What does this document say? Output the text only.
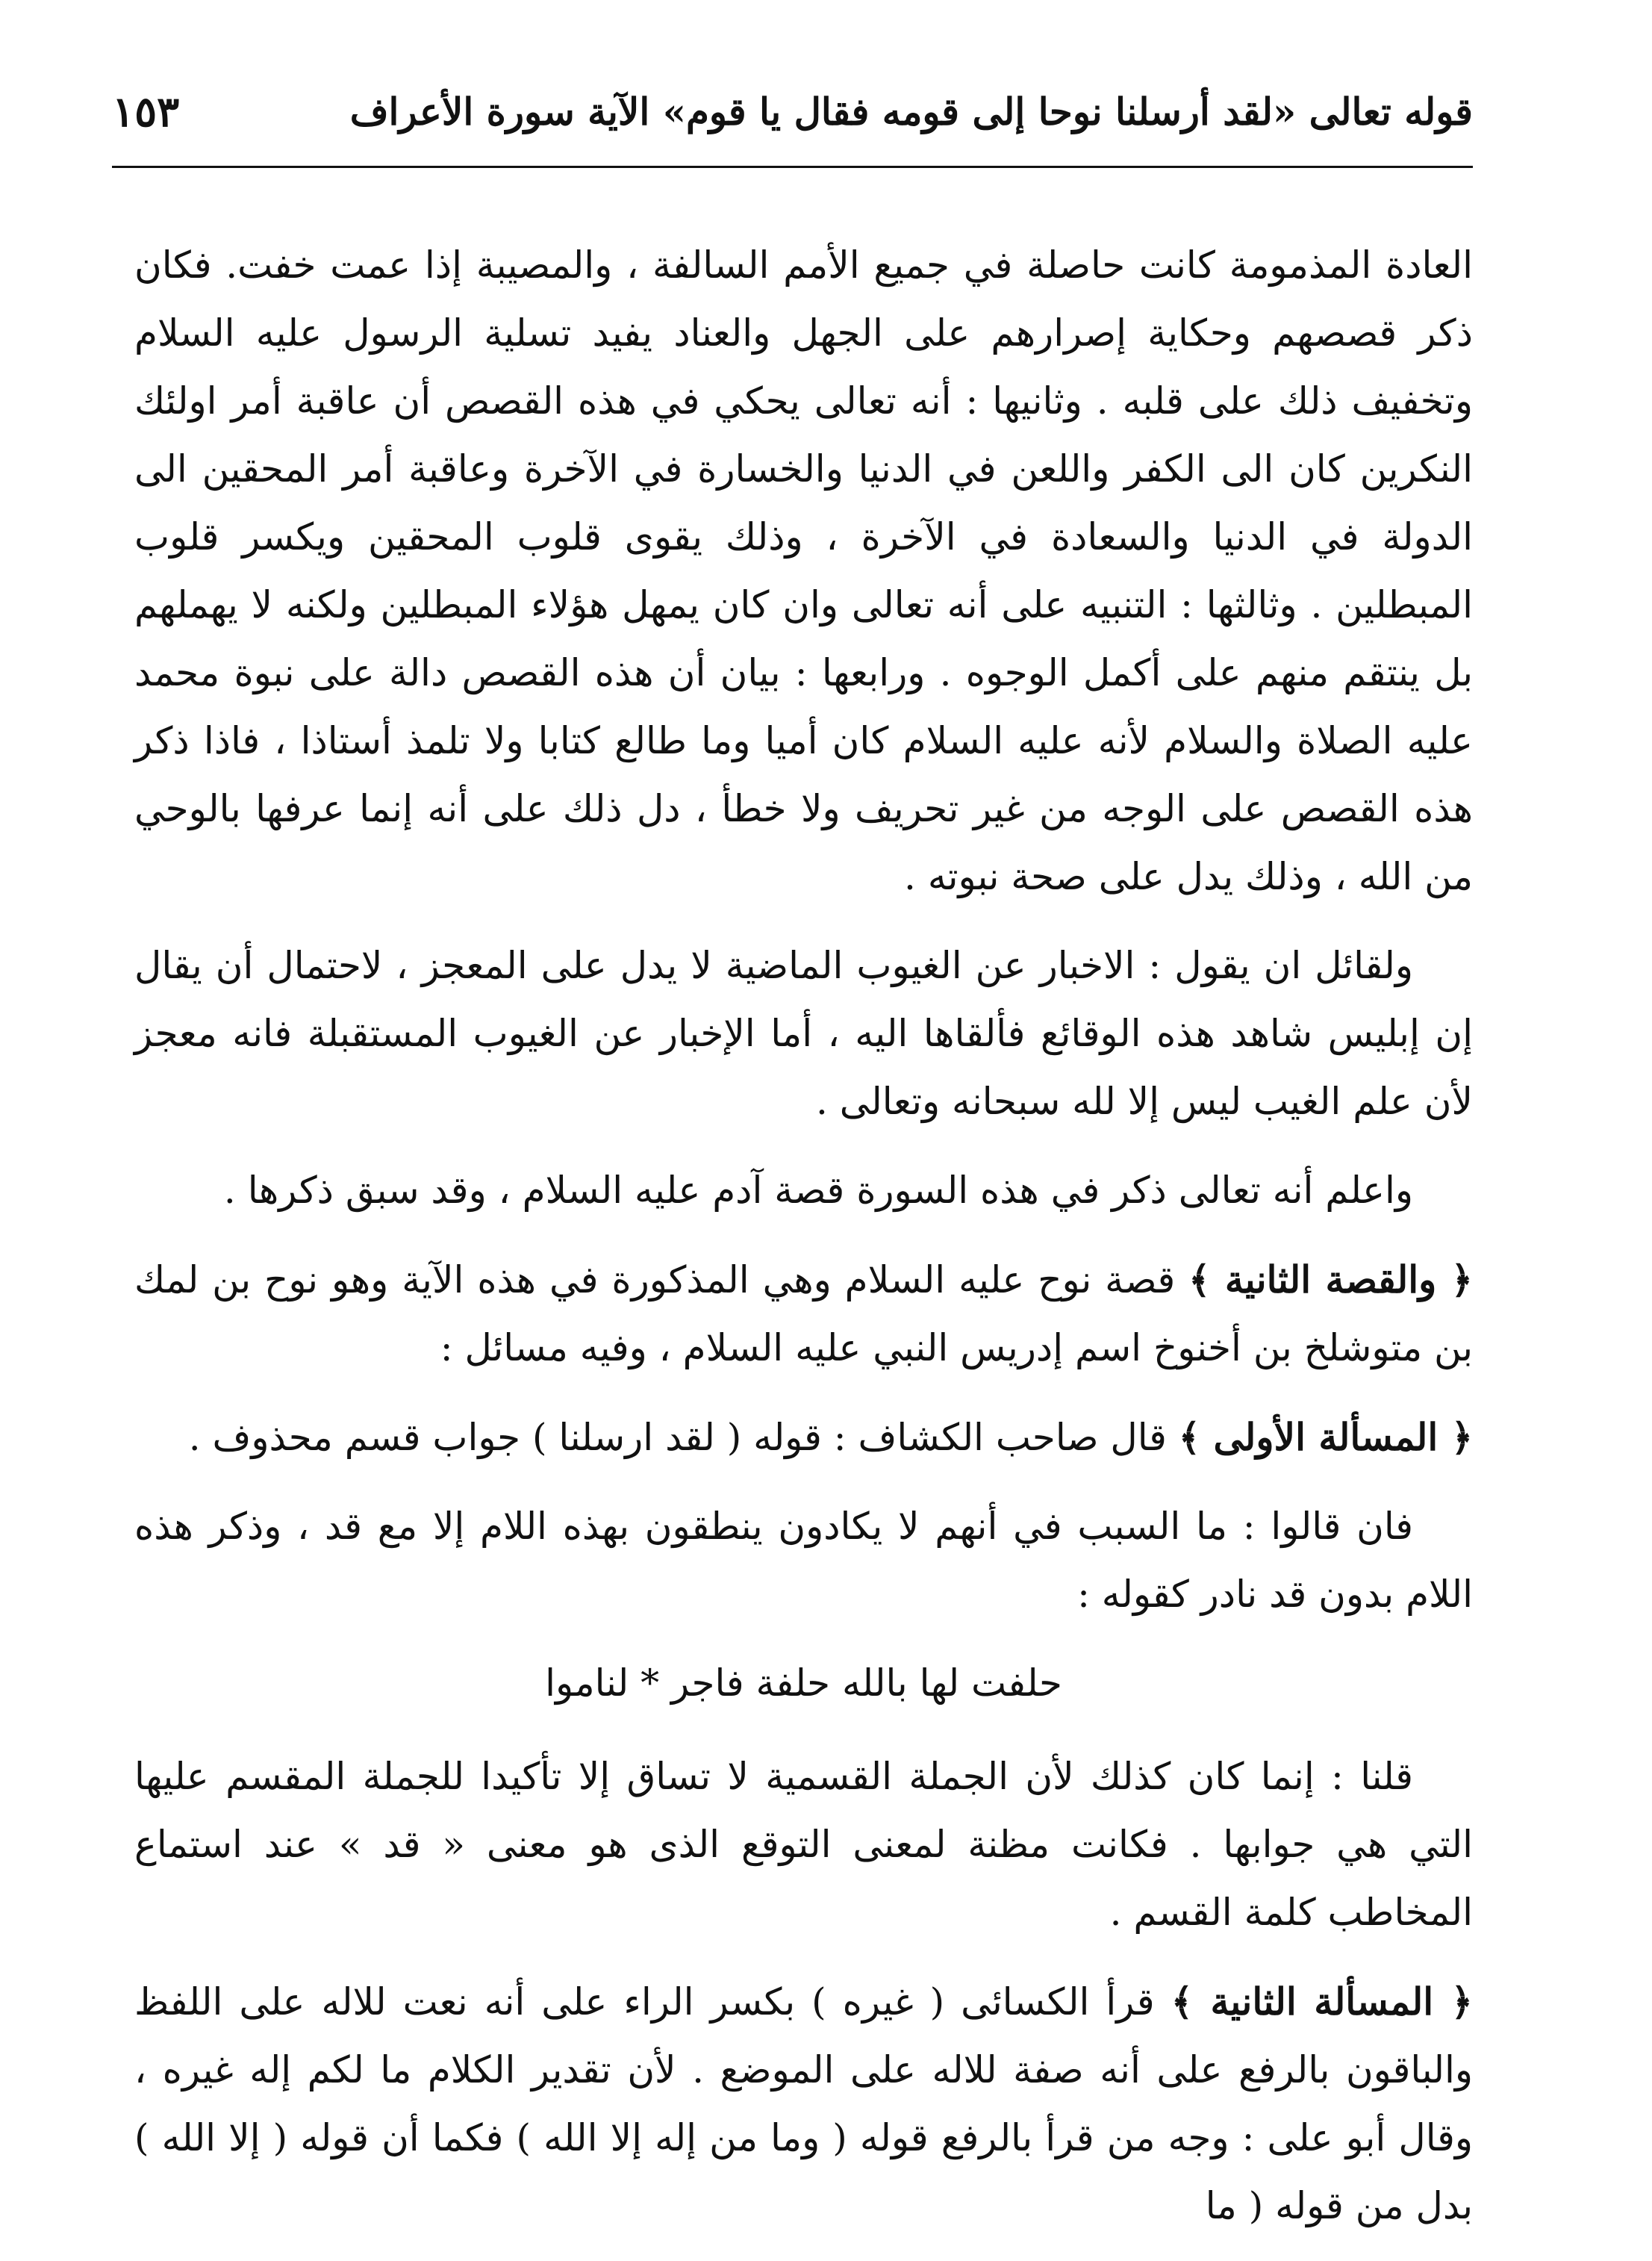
قوله تعالى «لقد أرسلنا نوحا إلى قومه فقال يا قوم» الآية سورة الأعراف
١٥٣

العادة المذمومة كانت حاصلة في جميع الأمم السالفة ، والمصيبة إذا عمت خفت. فكان ذكر قصصهم وحكاية إصرارهم على الجهل والعناد يفيد تسلية الرسول عليه السلام وتخفيف ذلك على قلبه . وثانيها : أنه تعالى يحكي في هذه القصص أن عاقبة أمر اولئك النكرين كان الى الكفر واللعن في الدنيا والخسارة في الآخرة وعاقبة أمر المحقين الى الدولة في الدنيا والسعادة في الآخرة ، وذلك يقوى قلوب المحقين ويكسر قلوب المبطلين . وثالثها : التنبيه على أنه تعالى وان كان يمهل هؤلاء المبطلين ولكنه لا يهملهم بل ينتقم منهم على أكمل الوجوه . ورابعها : بيان أن هذه القصص دالة على نبوة محمد عليه الصلاة والسلام لأنه عليه السلام كان أميا وما طالع كتابا ولا تلمذ أستاذا ، فاذا ذكر هذه القصص على الوجه من غير تحريف ولا خطأ ، دل ذلك على أنه إنما عرفها بالوحي من الله ، وذلك يدل على صحة نبوته .

ولقائل ان يقول : الاخبار عن الغيوب الماضية لا يدل على المعجز ، لاحتمال أن يقال إن إبليس شاهد هذه الوقائع فألقاها اليه ، أما الإخبار عن الغيوب المستقبلة فانه معجز لأن علم الغيب ليس إلا لله سبحانه وتعالى .

واعلم أنه تعالى ذكر في هذه السورة قصة آدم عليه السلام ، وقد سبق ذكرها .

﴿ والقصة الثانية ﴾ قصة نوح عليه السلام وهي المذكورة في هذه الآية وهو نوح بن لمك بن متوشلخ بن أخنوخ اسم إدريس النبي عليه السلام ، وفيه مسائل :

﴿ المسألة الأولى ﴾ قال صاحب الكشاف : قوله ( لقد ارسلنا ) جواب قسم محذوف .

فان قالوا : ما السبب في أنهم لا يكادون ينطقون بهذه اللام إلا مع قد ، وذكر هذه اللام بدون قد نادر كقوله :

حلفت لها بالله حلفة فاجر * لناموا

قلنا : إنما كان كذلك لأن الجملة القسمية لا تساق إلا تأكيدا للجملة المقسم عليها التي هي جوابها . فكانت مظنة لمعنى التوقع الذى هو معنى « قد » عند استماع المخاطب كلمة القسم .

﴿ المسألة الثانية ﴾ قرأ الكسائى ( غيره ) بكسر الراء على أنه نعت للاله على اللفظ والباقون بالرفع على أنه صفة للاله على الموضع . لأن تقدير الكلام ما لكم إله غيره ، وقال أبو على : وجه من قرأ بالرفع قوله ( وما من إله إلا الله ) فكما أن قوله ( إلا الله ) بدل من قوله ( ما
